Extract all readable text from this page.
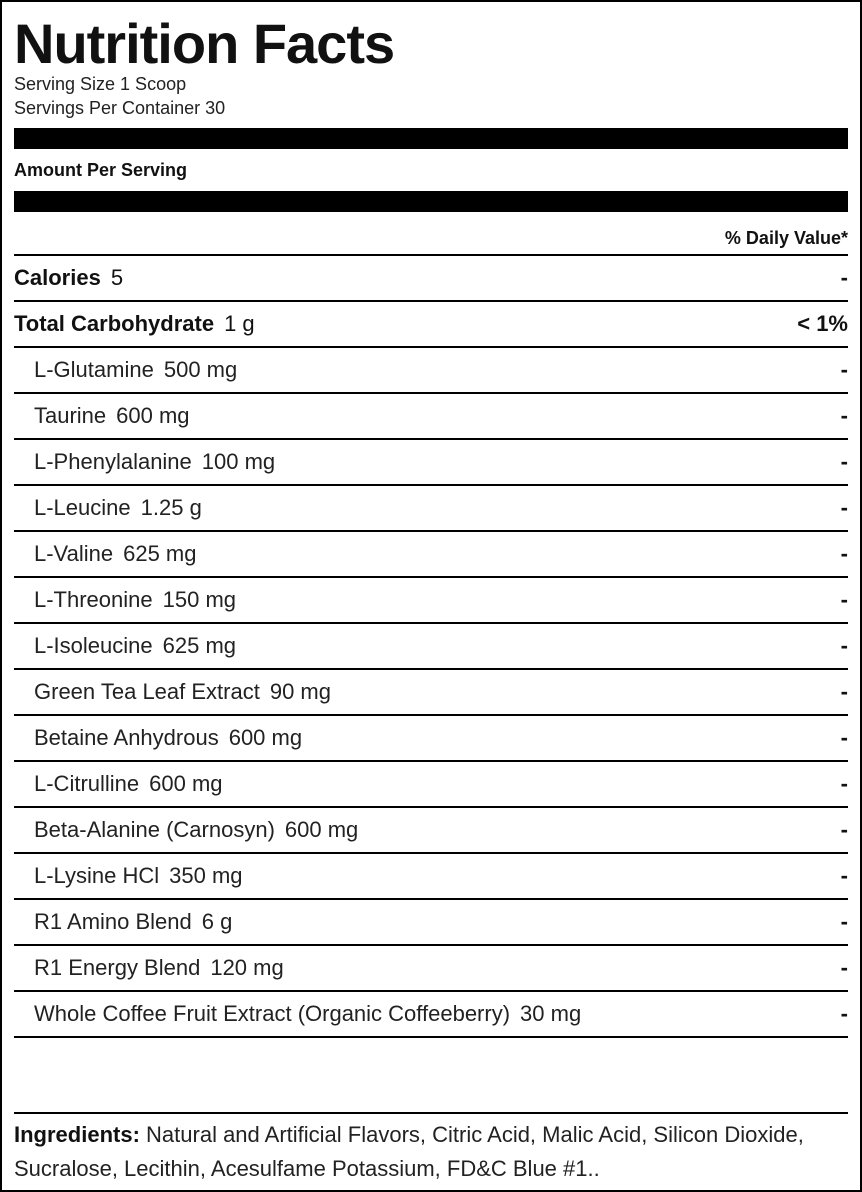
Nutrition Facts
Serving Size 1 Scoop
Servings Per Container 30
Amount Per Serving
% Daily Value*
Calories 5	-
Total Carbohydrate 1 g	< 1%
L-Glutamine 500 mg	-
Taurine 600 mg	-
L-Phenylalanine 100 mg	-
L-Leucine 1.25 g	-
L-Valine 625 mg	-
L-Threonine 150 mg	-
L-Isoleucine 625 mg	-
Green Tea Leaf Extract 90 mg	-
Betaine Anhydrous 600 mg	-
L-Citrulline 600 mg	-
Beta-Alanine (Carnosyn) 600 mg	-
L-Lysine HCl 350 mg	-
R1 Amino Blend 6 g	-
R1 Energy Blend 120 mg	-
Whole Coffee Fruit Extract (Organic Coffeeberry) 30 mg	-
Ingredients: Natural and Artificial Flavors, Citric Acid, Malic Acid, Silicon Dioxide, Sucralose, Lecithin, Acesulfame Potassium, FD&C Blue #1..
